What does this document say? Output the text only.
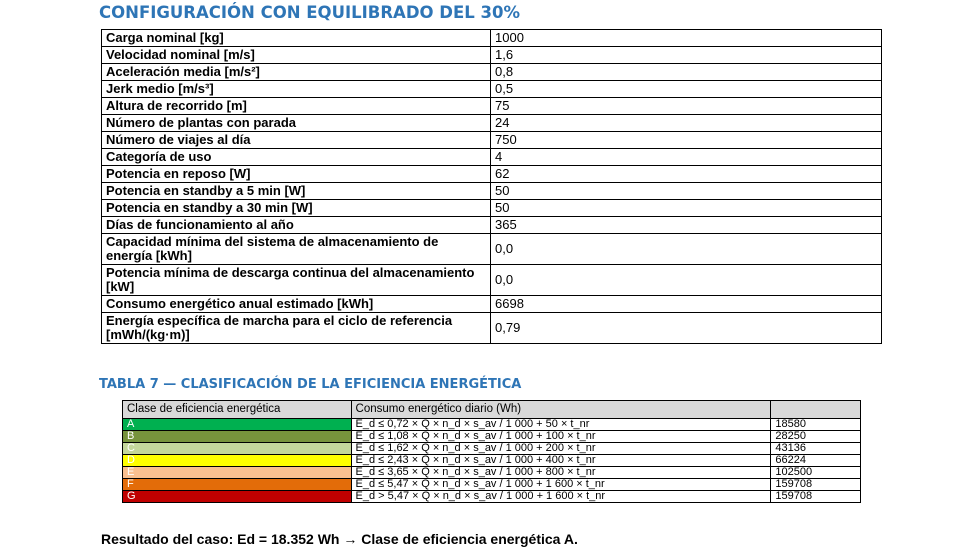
CONFIGURACIÓN CON EQUILIBRADO DEL 30%
Carga nominal [kg]	1000
Velocidad nominal [m/s]	1,6
Aceleración media [m/s²]	0,8
Jerk medio [m/s³]	0,5
Altura de recorrido [m]	75
Número de plantas con parada	24
Número de viajes al día	750
Categoría de uso	4
Potencia en reposo [W]	62
Potencia en standby a 5 min [W]	50
Potencia en standby a 30 min [W]	50
Días de funcionamiento al año	365
Capacidad mínima del sistema de almacenamiento de energía [kWh]	0,0
Potencia mínima de descarga continua del almacenamiento [kW]	0,0
Consumo energético anual estimado [kWh]	6698
Energía específica de marcha para el ciclo de referencia [mWh/(kg·m)]	0,79
TABLA 7 — CLASIFICACIÓN DE LA EFICIENCIA ENERGÉTICA
Clase de eficiencia energética	Consumo energético diario (Wh)	
A	E_d ≤ 0,72 × Q × n_d × s_av / 1 000 + 50 × t_nr	18580
B	E_d ≤ 1,08 × Q × n_d × s_av / 1 000 + 100 × t_nr	28250
C	E_d ≤ 1,62 × Q × n_d × s_av / 1 000 + 200 × t_nr	43136
D	E_d ≤ 2,43 × Q × n_d × s_av / 1 000 + 400 × t_nr	66224
E	E_d ≤ 3,65 × Q × n_d × s_av / 1 000 + 800 × t_nr	102500
F	E_d ≤ 5,47 × Q × n_d × s_av / 1 000 + 1 600 × t_nr	159708
G	E_d > 5,47 × Q × n_d × s_av / 1 000 + 1 600 × t_nr	159708
Resultado del caso: Ed = 18.352 Wh → Clase de eficiencia energética A.
